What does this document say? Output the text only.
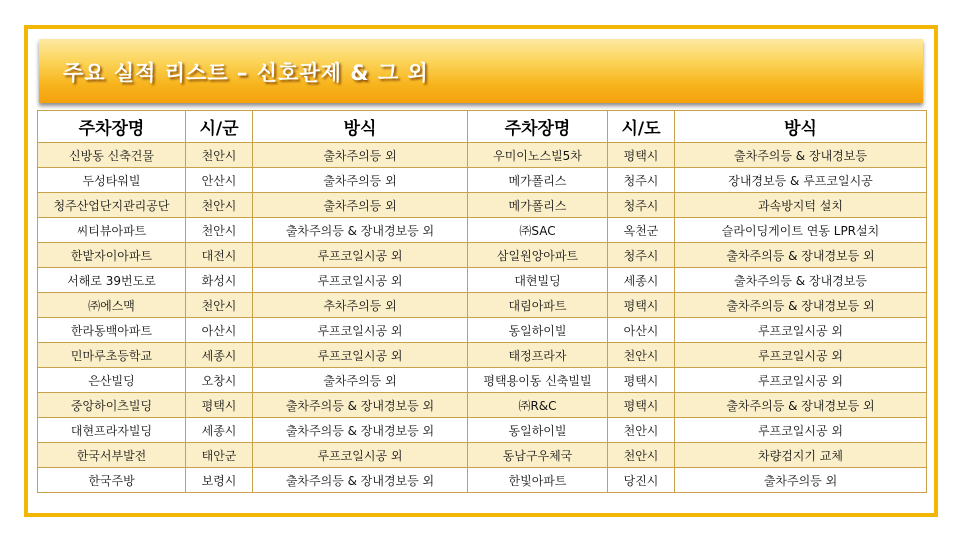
주요 실적 리스트 – 신호관제 & 그 외
주차장명	시/군	방식	주차장명	시/도	방식
신방동 신축건물	천안시	출차주의등 외	우미이노스빌5차	평택시	출차주의등 & 장내경보등
두성타워빌	안산시	출차주의등 외	메가폴리스	청주시	장내경보등 & 루프코일시공
청주산업단지관리공단	천안시	출차주의등 외	메가폴리스	청주시	과속방지턱 설치
씨티뷰아파트	천안시	출차주의등 & 장내경보등 외	㈜SAC	옥천군	슬라이딩게이트 연동 LPR설치
한밭자이아파트	대전시	루프코일시공 외	삼일원앙아파트	청주시	출차주의등 & 장내경보등 외
서해로 39번도로	화성시	루프코일시공 외	대현빌딩	세종시	출차주의등 & 장내경보등
㈜에스맥	천안시	추차주의등 외	대림아파트	평택시	출차주의등 & 장내경보등 외
한라동백아파트	아산시	루프코일시공 외	동일하이빌	아산시	루프코일시공 외
민마루초등학교	세종시	루프코일시공 외	태정프라자	천안시	루프코일시공 외
은산빌딩	오창시	출차주의등 외	평택용이동 신축빌빌	평택시	루프코일시공 외
중앙하이츠빌딩	평택시	출차주의등 & 장내경보등 외	㈜R&C	평택시	출차주의등 & 장내경보등 외
대현프라자빌딩	세종시	출차주의등 & 장내경보등 외	동일하이빌	천안시	루프코일시공 외
한국서부발전	태안군	루프코일시공 외	동남구우체국	천안시	차량검지기 교체
한국주방	보령시	출차주의등 & 장내경보등 외	한빛아파트	당진시	출차주의등 외
